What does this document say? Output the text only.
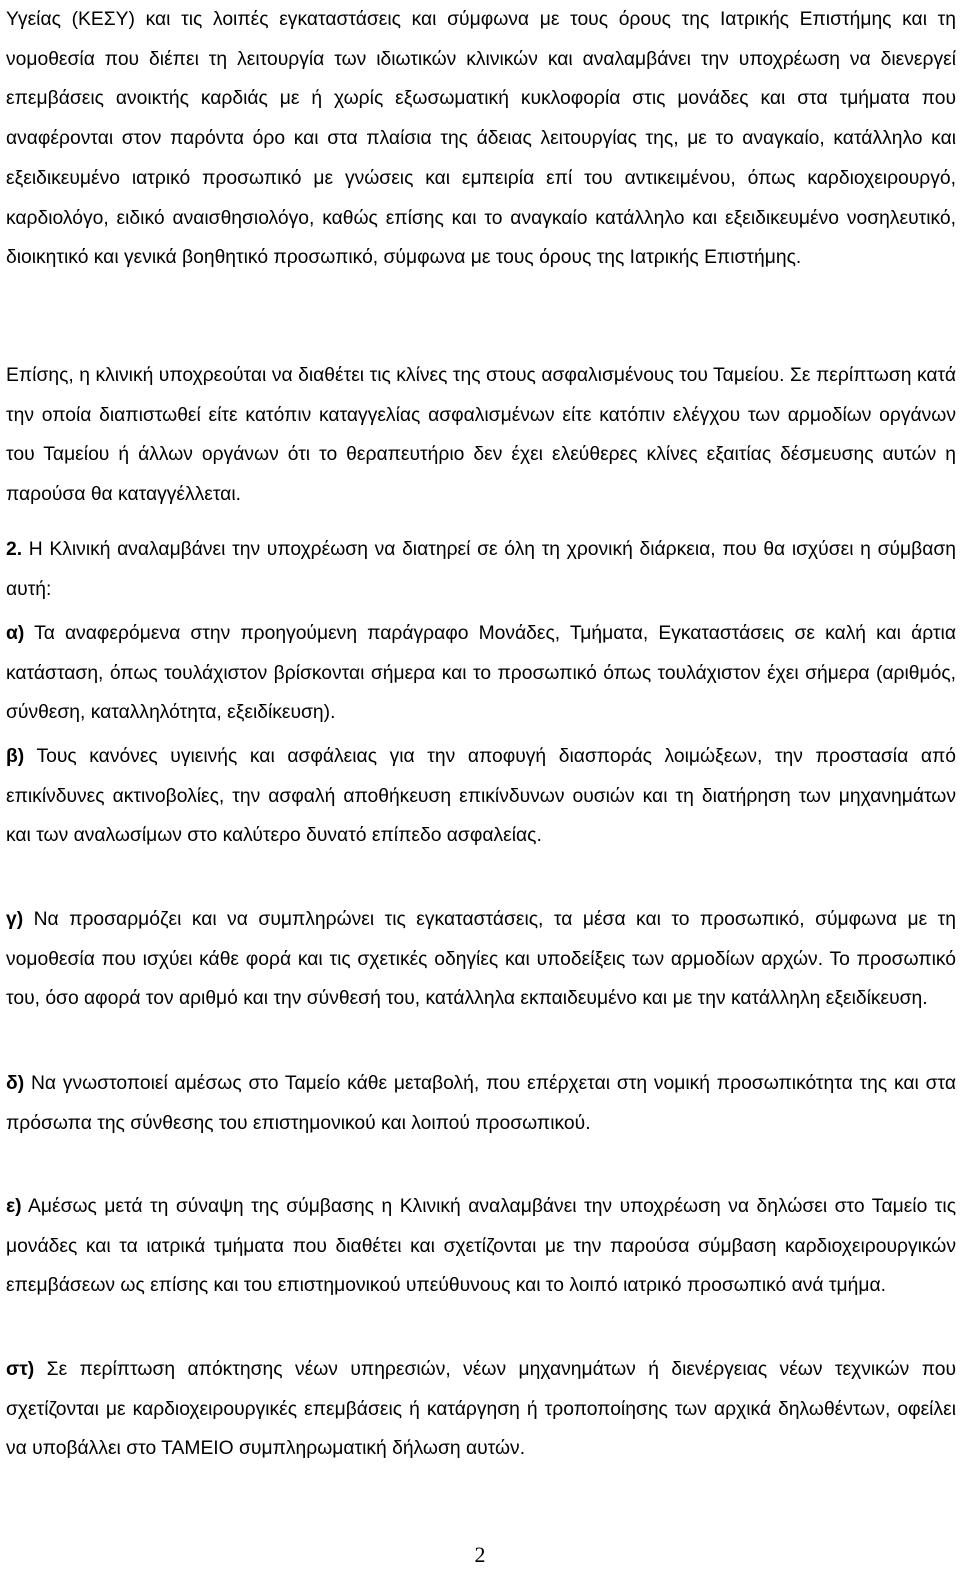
Υγείας (ΚΕΣΥ) και τις λοιπές εγκαταστάσεις και σύμφωνα με τους όρους της Ιατρικής Επιστήμης και τη νομοθεσία που διέπει τη λειτουργία των ιδιωτικών κλινικών και αναλαμβάνει την υποχρέωση να διενεργεί επεμβάσεις ανοικτής καρδιάς με ή χωρίς εξωσωματική κυκλοφορία στις μονάδες και στα τμήματα που αναφέρονται στον παρόντα όρο και στα πλαίσια της άδειας λειτουργίας της, με το αναγκαίο, κατάλληλο και εξειδικευμένο ιατρικό προσωπικό με γνώσεις και εμπειρία επί του αντικειμένου, όπως καρδιοχειρουργό, καρδιολόγο, ειδικό αναισθησιολόγο, καθώς επίσης και το αναγκαίο κατάλληλο και εξειδικευμένο νοσηλευτικό, διοικητικό και γενικά βοηθητικό προσωπικό, σύμφωνα με τους όρους της Ιατρικής Επιστήμης.

Επίσης, η κλινική υποχρεούται να διαθέτει τις κλίνες της στους ασφαλισμένους του Ταμείου. Σε περίπτωση κατά την οποία διαπιστωθεί είτε κατόπιν καταγγελίας ασφαλισμένων είτε κατόπιν ελέγχου των αρμοδίων οργάνων του Ταμείου ή άλλων οργάνων ότι το θεραπευτήριο δεν έχει ελεύθερες κλίνες εξαιτίας δέσμευσης αυτών η παρούσα θα καταγγέλλεται.

2. Η Κλινική αναλαμβάνει την υποχρέωση να διατηρεί σε όλη τη χρονική διάρκεια, που θα ισχύσει η σύμβαση αυτή:

α) Τα αναφερόμενα στην προηγούμενη παράγραφο Μονάδες, Τμήματα, Εγκαταστάσεις σε καλή και άρτια κατάσταση, όπως τουλάχιστον βρίσκονται σήμερα και το προσωπικό όπως τουλάχιστον έχει σήμερα (αριθμός, σύνθεση, καταλληλότητα, εξειδίκευση).

β) Τους κανόνες υγιεινής και ασφάλειας για την αποφυγή διασποράς λοιμώξεων, την προστασία από επικίνδυνες ακτινοβολίες, την ασφαλή αποθήκευση επικίνδυνων ουσιών και τη διατήρηση των μηχανημάτων και των αναλωσίμων στο καλύτερο δυνατό επίπεδο ασφαλείας.

γ) Να προσαρμόζει και να συμπληρώνει τις εγκαταστάσεις, τα μέσα και το προσωπικό, σύμφωνα με τη νομοθεσία που ισχύει κάθε φορά και τις σχετικές οδηγίες και υποδείξεις των αρμοδίων αρχών. Το προσωπικό του, όσο αφορά τον αριθμό και την σύνθεσή του, κατάλληλα εκπαιδευμένο και με την κατάλληλη εξειδίκευση.

δ) Να γνωστοποιεί αμέσως στο Ταμείο κάθε μεταβολή, που επέρχεται στη νομική προσωπικότητα της και στα πρόσωπα της σύνθεσης του επιστημονικού και λοιπού προσωπικού.

ε) Αμέσως μετά τη σύναψη της σύμβασης η Κλινική αναλαμβάνει την υποχρέωση να δηλώσει στο Ταμείο τις μονάδες και τα ιατρικά τμήματα που διαθέτει και σχετίζονται με την παρούσα σύμβαση καρδιοχειρουργικών επεμβάσεων ως επίσης και του επιστημονικού υπεύθυνους και το λοιπό ιατρικό προσωπικό ανά τμήμα.

στ) Σε περίπτωση απόκτησης νέων υπηρεσιών, νέων μηχανημάτων ή διενέργειας νέων τεχνικών που σχετίζονται με καρδιοχειρουργικές επεμβάσεις ή κατάργηση ή τροποποίησης των αρχικά δηλωθέντων, οφείλει να υποβάλλει στο ΤΑΜΕΙΟ συμπληρωματική δήλωση αυτών.

2
